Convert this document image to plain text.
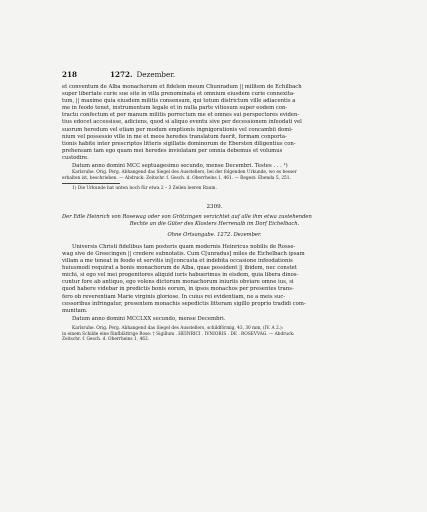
218	1272. Dezember.
et conventum de Alba monachorum et fidelem meum Chunradum || militem de Echilbach
super libertate curie sue site in villa prenominata et omnium eiusdem curie connexita-
tum, || maxime quia eiusdem militis consensum, qui totum districtum ville adiacentis a
me in feodo tenet, instrumentum legale et in nulla parte vitiosum super eodem con-
tractu confectum et per manum militis porrectum me et omnes sui perspectores eviden-
tius edocet accessisse, adiciens, quod si aliquo eventu sive per decessionem infeodati vel
suorum heredum vel etiam per modum emptionis ingnigorationis vel concambii domi-
nium vel possessio ville in me et meos heredes translatum fuerit, formam conporta-
tionis habite inter prescriptos litteris sigillatis dominorum de Ebersten diligentius con-
prehensam tam ego quam mei heredes inviolatam per omnia debemus et volumus
custodire.
Datum anno domini MCC septuagesimo secundo, mense Decembri. Testes . . . ¹)
Karlsruhe. Orig. Perg. Abhangend das Siegel des Ausstellers, bei der folgenden Urkunde, wo es besser
erhalten ist, beschrieben. — Abdruck: Zeitschr. f. Gesch. d. Oberrheins 1, 461. — Regest: Ebenda 5, 251.
1) Die Urkunde hat unten noch für etwa 2 – 3 Zeilen leeren Raum.
2309.
Der Edle Heinrich von Rosewag oder von Grötzingen verzichtet auf alle ihm etwa zustehenden
Rechte an die Güter des Klosters Herrenalb im Dorf Eichelbach.
Ohne Ortsangabe. 1272. Dezember.
Universis Christi fidelibus tam posteris quam modernis Heinricus nobilis de Rosse-
wag sive de Greecingen || credere subnotatis. Cum C[unradus] miles de Eichelbach ipsam
villam a me teneat in feodo et servitis in||concusta et indebita occasione infeodationis
huiusmodi requirat a bonis monachorum de Alba, quae possident || ibidem, nec constet
michi, si ego vel mei progenitores aliquid iuris habuerimus in eisdem, quia libera dinos-
cuntur fore ab antiquo, ego volens dictorum monachorum iniuriis obviare omne ius, si
quod habere videbar in predictis bonis eorum, in ipsos monachos per presentes trans-
fero ob reverentiam Marie virginis gloriose. In cuius rei evidentiam, ne a meis suc-
cessoribus infringatur, presentem monachis sepedictis litteram sigillo proprio tradidi com-
munitam.
Datum anno domini MCCLXX secundo, mense Decembri.
Karlsruhe. Orig. Perg. Abhangend das Siegel des Ausstellers, schildförmig, 43, 30 mm, (IV. A 2.):
in einem Schilde eine fünfblättrige Rose: † Sigillum . HEINRICI . IVNIORIS . DE . ROSEVVAG. — Abdruck:
Zeitschr. f. Gesch. d. Oberrheins 1, 462.
